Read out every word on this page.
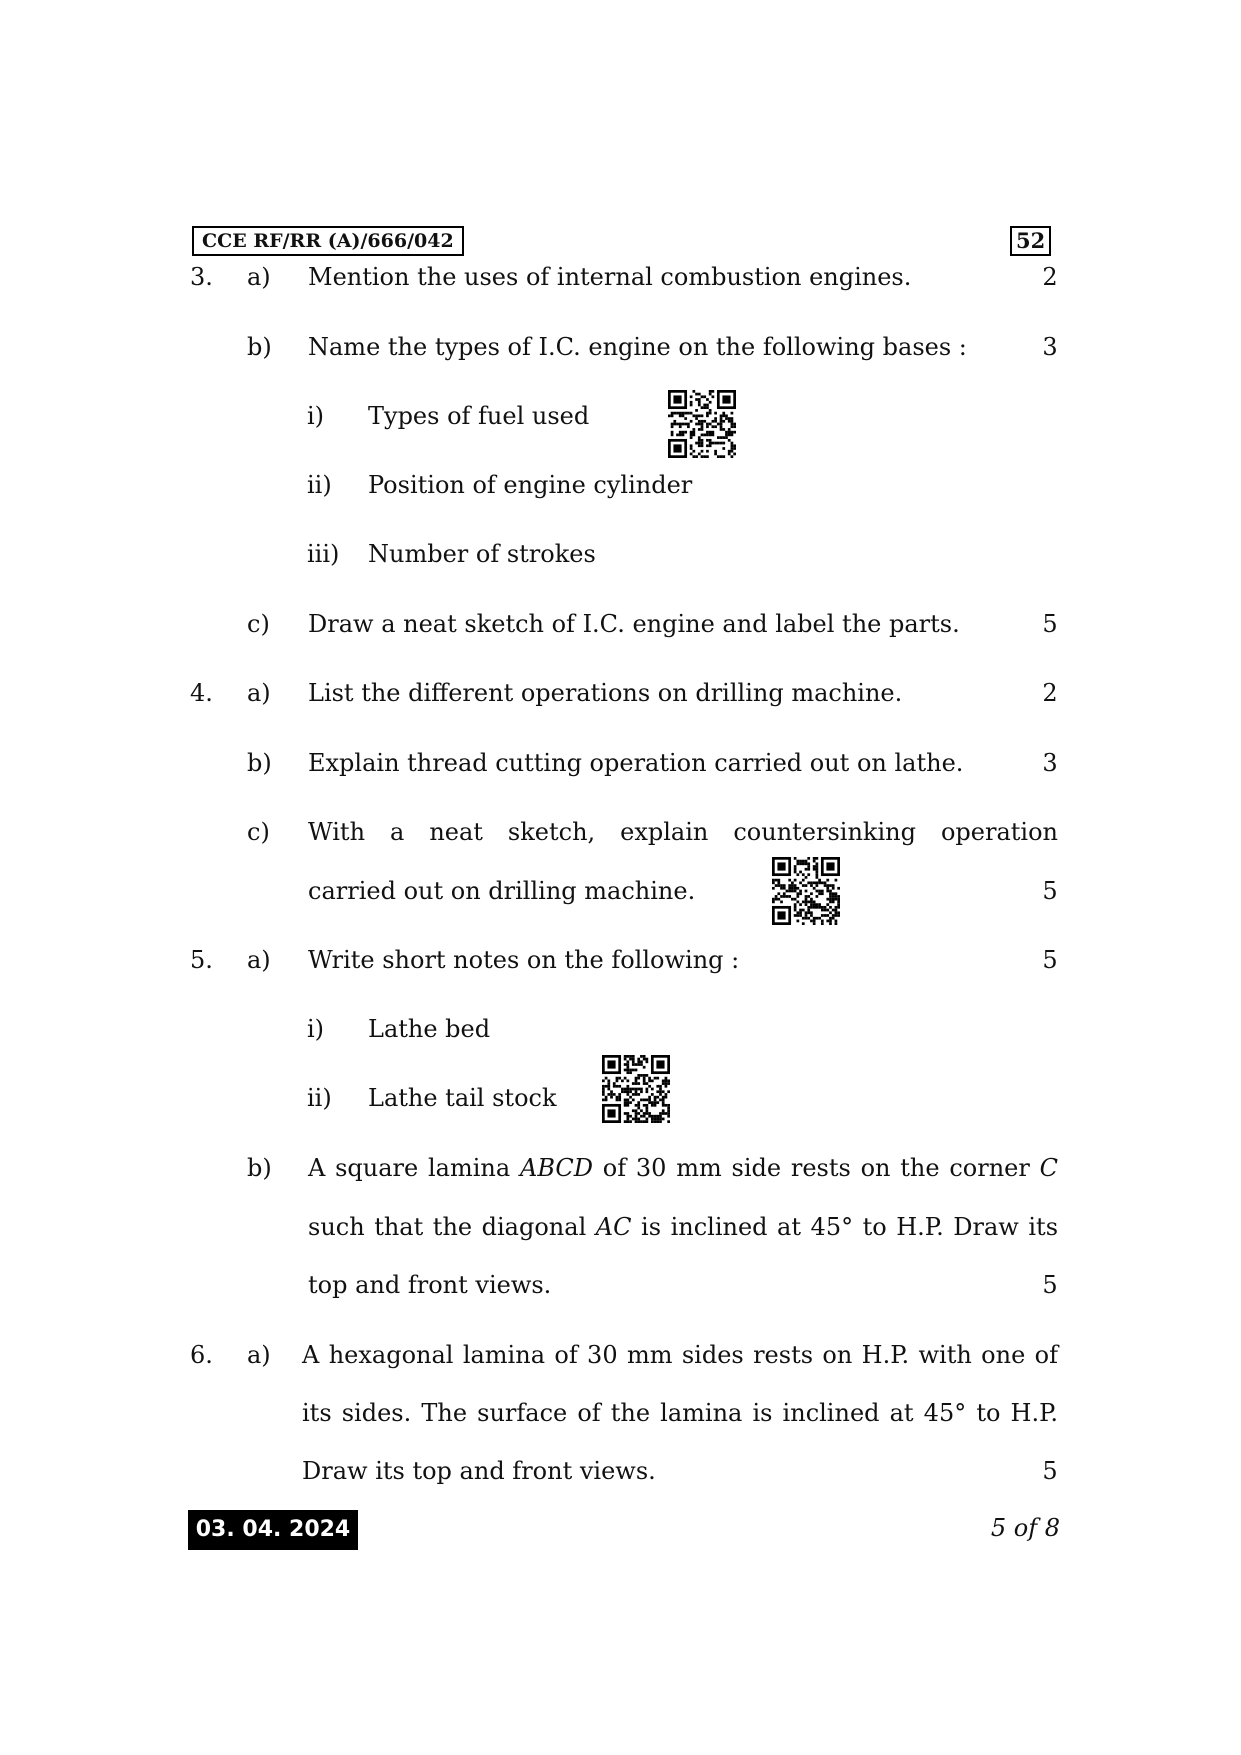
CCE RF/RR (A)/666/042	52
3.	a)	Mention the uses of internal combustion engines.	2
b)	Name the types of I.C. engine on the following bases :	3
i)	Types of fuel used
ii)	Position of engine cylinder
iii)	Number of strokes
c)	Draw a neat sketch of I.C. engine and label the parts.	5
4.	a)	List the different operations on drilling machine.	2
b)	Explain thread cutting operation carried out on lathe.	3
c)	With a neat sketch, explain countersinking operation
carried out on drilling machine.	5
5.	a)	Write short notes on the following :	5
i)	Lathe bed
ii)	Lathe tail stock
b)	A square lamina ABCD of 30 mm side rests on the corner C
such that the diagonal AC is inclined at 45° to H.P. Draw its
top and front views.	5
6.	a)	A hexagonal lamina of 30 mm sides rests on H.P. with one of
its sides. The surface of the lamina is inclined at 45° to H.P.
Draw its top and front views.	5
03. 04. 2024	5 of 8
